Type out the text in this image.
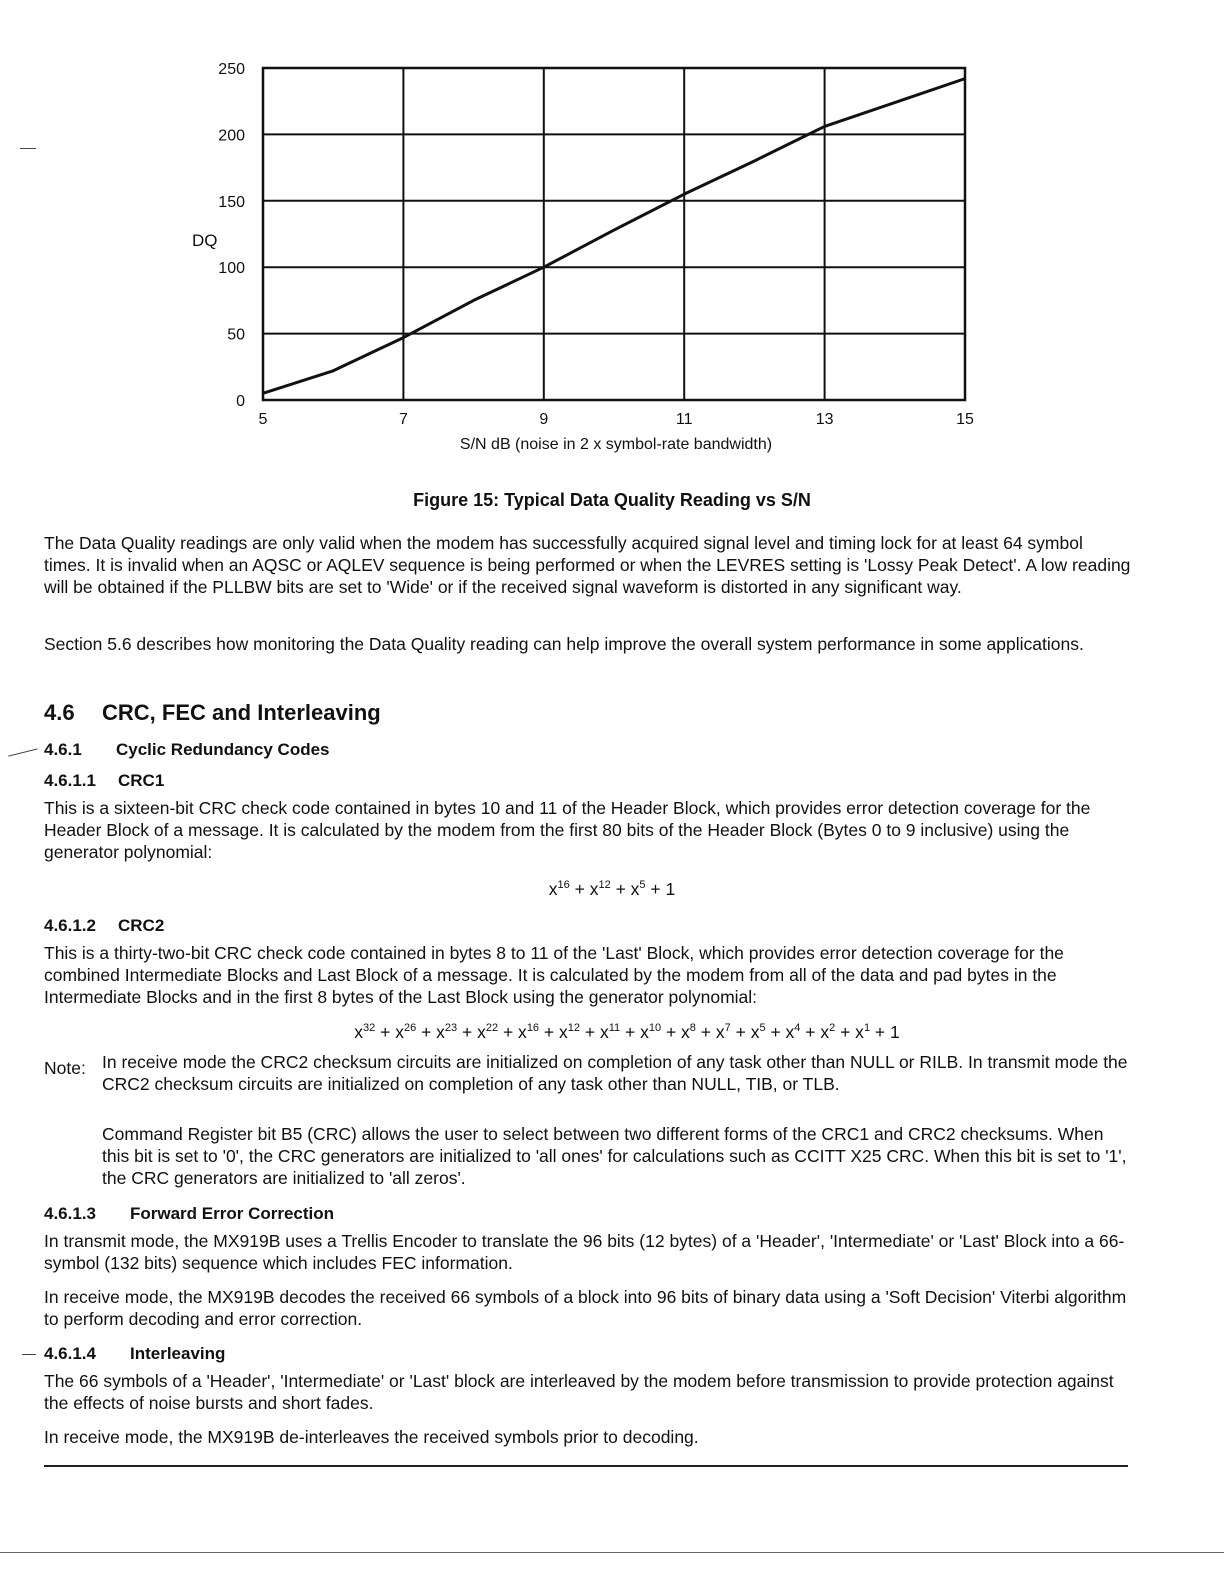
0
50
100
150
200
250
5	7	9	11	13	15
DQ
S/N dB (noise in 2 x symbol-rate bandwidth)
Figure 15: Typical Data Quality Reading vs S/N

The Data Quality readings are only valid when the modem has successfully acquired signal level and timing lock for at least 64 symbol times. It is invalid when an AQSC or AQLEV sequence is being performed or when the LEVRES setting is 'Lossy Peak Detect'. A low reading will be obtained if the PLLBW bits are set to 'Wide' or if the received signal waveform is distorted in any significant way.

Section 5.6 describes how monitoring the Data Quality reading can help improve the overall system performance in some applications.

4.6 CRC, FEC and Interleaving
4.6.1 Cyclic Redundancy Codes
4.6.1.1 CRC1

This is a sixteen-bit CRC check code contained in bytes 10 and 11 of the Header Block, which provides error detection coverage for the Header Block of a message. It is calculated by the modem from the first 80 bits of the Header Block (Bytes 0 to 9 inclusive) using the generator polynomial:

$x^{16} + x^{12} + x^5 + 1$
4.6.1.2 CRC2

This is a thirty-two-bit CRC check code contained in bytes 8 to 11 of the 'Last' Block, which provides error detection coverage for the combined Intermediate Blocks and Last Block of a message. It is calculated by the modem from all of the data and pad bytes in the Intermediate Blocks and in the first 8 bytes of the Last Block using the generator polynomial:

$x^{32} + x^{26} + x^{23} + x^{22} + x^{16} + x^{12} + x^{11} + x^{10} + x^8 + x^7 + x^5 + x^4 + x^2 + x^1 + 1$
Note: In receive mode the CRC2 checksum circuits are initialized on completion of any task other than NULL or RILB. In transmit mode the CRC2 checksum circuits are initialized on completion of any task other than NULL, TIB, or TLB.

Command Register bit B5 (CRC) allows the user to select between two different forms of the CRC1 and CRC2 checksums. When this bit is set to '0', the CRC generators are initialized to 'all ones' for calculations such as CCITT X25 CRC. When this bit is set to '1', the CRC generators are initialized to 'all zeros'.

4.6.1.3 Forward Error Correction

In transmit mode, the MX919B uses a Trellis Encoder to translate the 96 bits (12 bytes) of a 'Header', 'Intermediate' or 'Last' Block into a 66-symbol (132 bits) sequence which includes FEC information.

In receive mode, the MX919B decodes the received 66 symbols of a block into 96 bits of binary data using a 'Soft Decision' Viterbi algorithm to perform decoding and error correction.

4.6.1.4 Interleaving

The 66 symbols of a 'Header', 'Intermediate' or 'Last' block are interleaved by the modem before transmission to provide protection against the effects of noise bursts and short fades.

In receive mode, the MX919B de-interleaves the received symbols prior to decoding.
